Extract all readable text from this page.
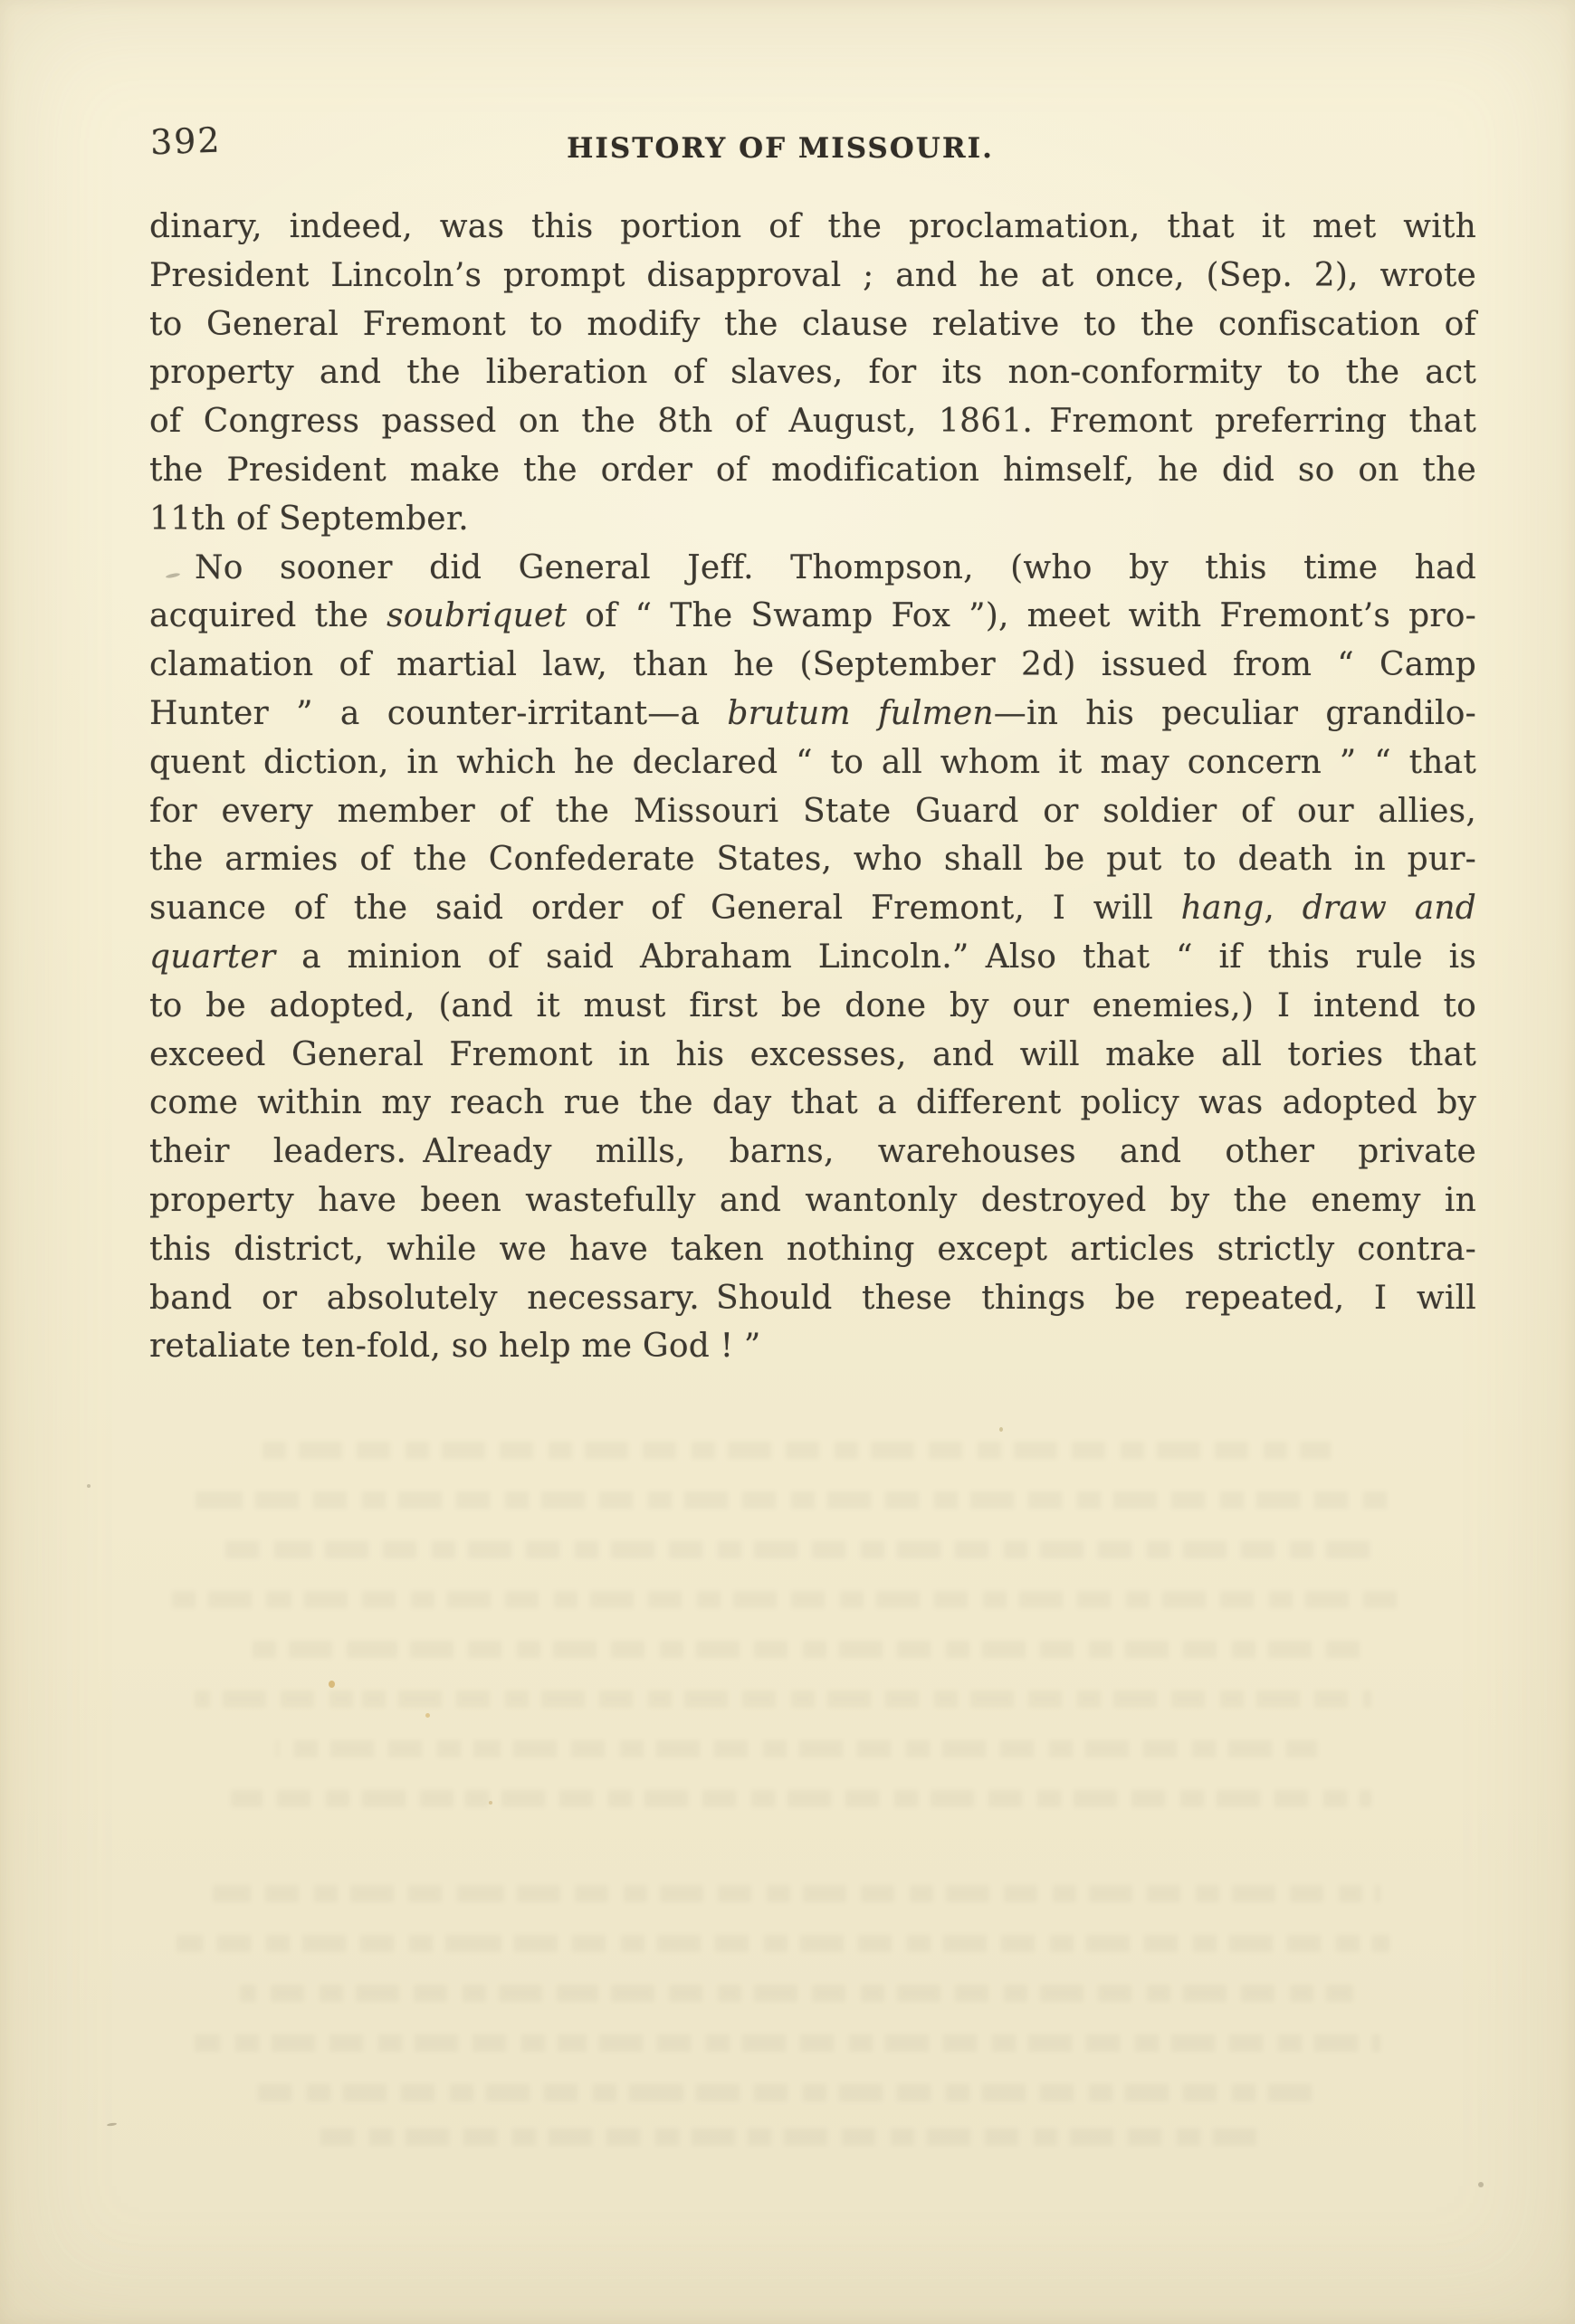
392	HISTORY OF MISSOURI.
dinary, indeed, was this portion of the proclamation, that it met with
President Lincoln’s prompt disapproval ; and he at once, (Sep. 2), wrote
to General Fremont to modify the clause relative to the confiscation of
property and the liberation of slaves, for its non-conformity to the act
of Congress passed on the 8th of August, 1861. Fremont preferring that
the President make the order of modification himself, he did so on the
11th of September.
No sooner did General Jeff. Thompson, (who by this time had
acquired the soubriquet of “ The Swamp Fox ”), meet with Fremont’s pro-
clamation of martial law, than he (September 2d) issued from “ Camp
Hunter ” a counter-irritant—a brutum fulmen—in his peculiar grandilo-
quent diction, in which he declared “ to all whom it may concern ” “ that
for every member of the Missouri State Guard or soldier of our allies,
the armies of the Confederate States, who shall be put to death in pur-
suance of the said order of General Fremont, I will hang, draw and
quarter a minion of said Abraham Lincoln.” Also that “ if this rule is
to be adopted, (and it must first be done by our enemies,) I intend to
exceed General Fremont in his excesses, and will make all tories that
come within my reach rue the day that a different policy was adopted by
their leaders. Already mills, barns, warehouses and other private
property have been wastefully and wantonly destroyed by the enemy in
this district, while we have taken nothing except articles strictly contra-
band or absolutely necessary. Should these things be repeated, I will
retaliate ten-fold, so help me God ! ”
